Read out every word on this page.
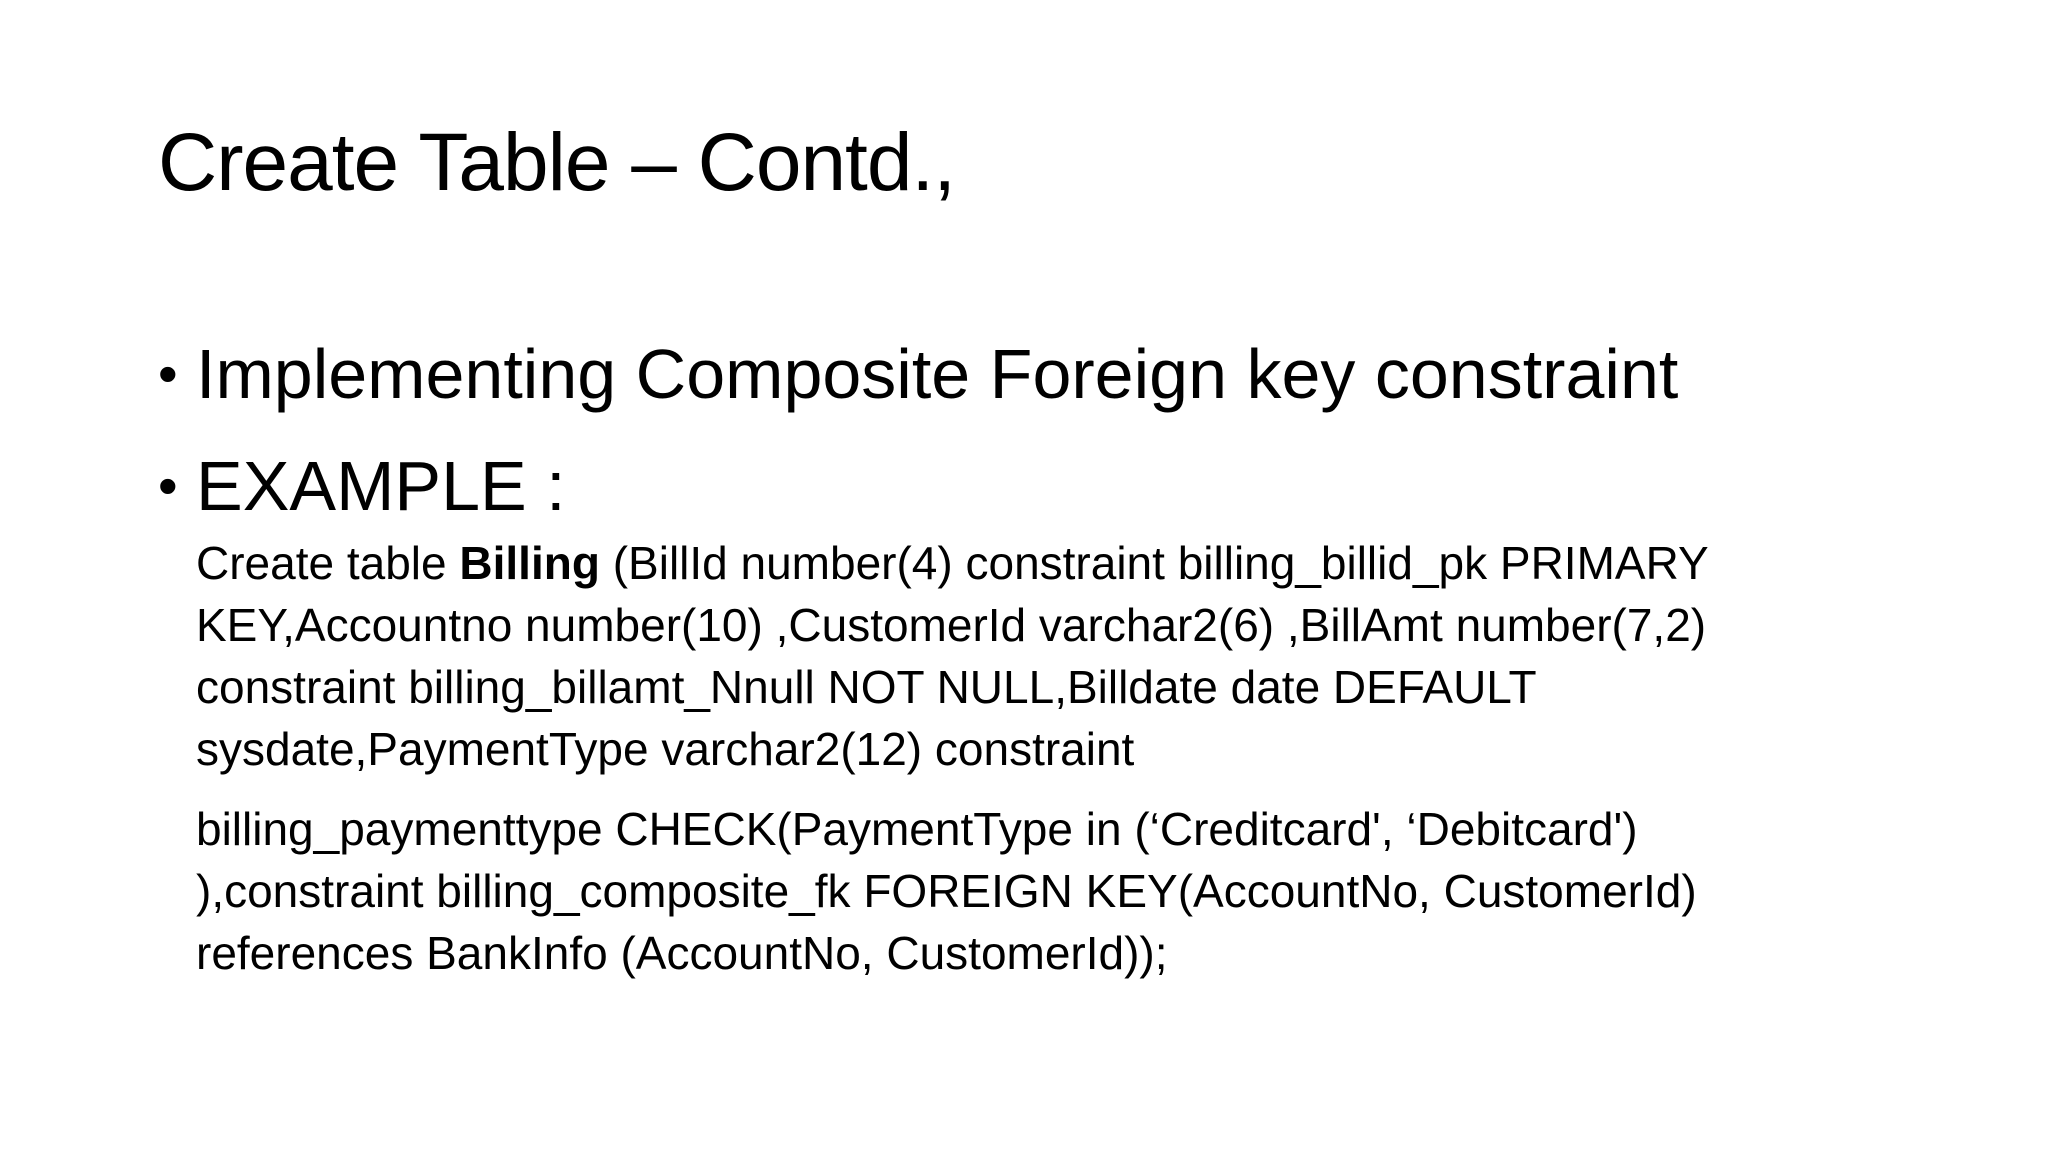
Create Table – Contd.,
• Implementing Composite Foreign key constraint
• EXAMPLE :
Create table Billing (BillId number(4) constraint billing_billid_pk PRIMARY
KEY,Accountno number(10) ,CustomerId varchar2(6) ,BillAmt number(7,2)
constraint billing_billamt_Nnull NOT NULL,Billdate date DEFAULT
sysdate,PaymentType varchar2(12) constraint
billing_paymenttype CHECK(PaymentType in (‘Creditcard', ‘Debitcard')
),constraint billing_composite_fk FOREIGN KEY(AccountNo, CustomerId)
references BankInfo (AccountNo, CustomerId));
